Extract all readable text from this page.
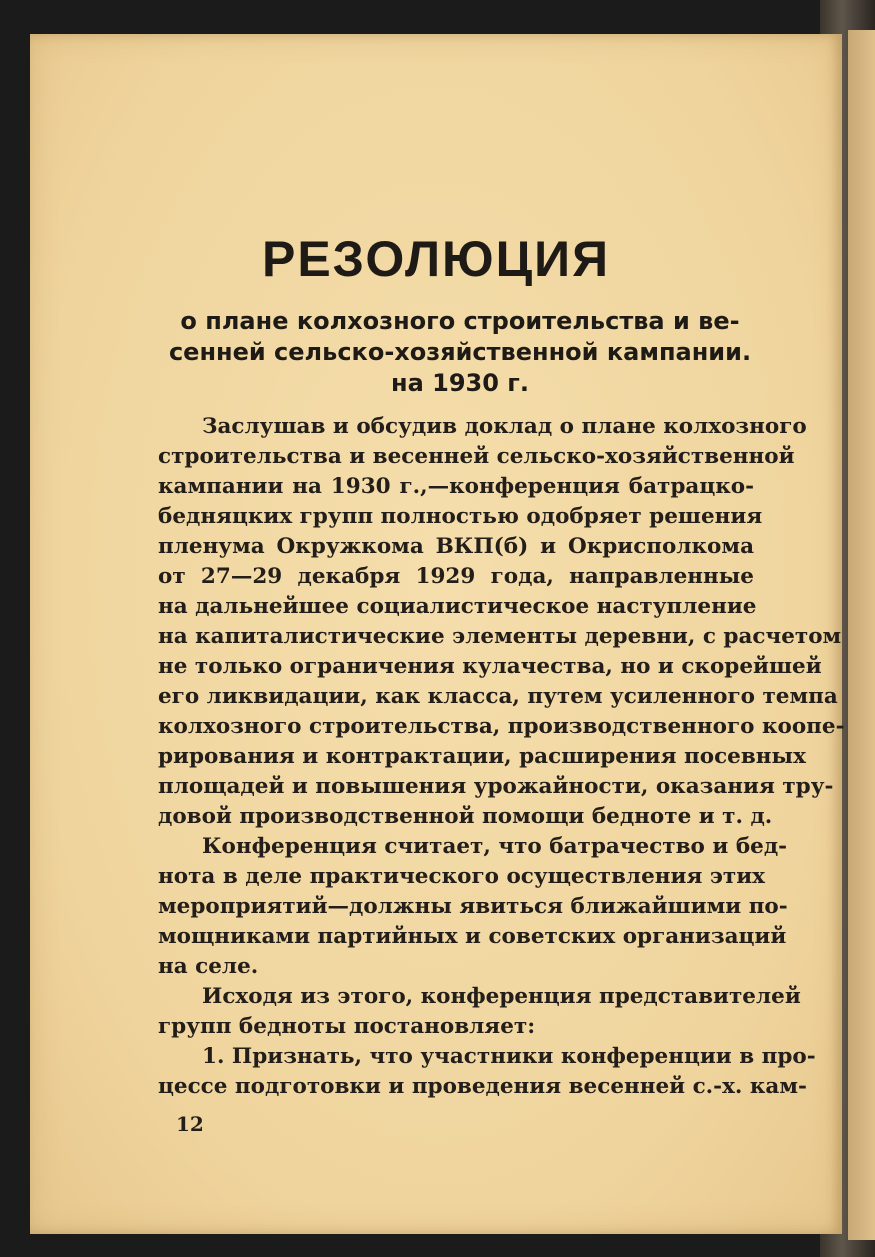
РЕЗОЛЮЦИЯ
о плане колхозного строительства и ве-
сенней сельско-хозяйственной кампании.
на 1930 г.
Заслушав и обсудив доклад о плане колхозного
строительства и весенней сельско-хозяйственной
кампании на 1930 г.,—конференция батрацко-
бедняцких групп полностью одобряет решения
пленума Окружкома ВКП(б) и Окрисполкома
от 27—29 декабря 1929 года, направленные
на дальнейшее социалистическое наступление
на капиталистические элементы деревни, с расчетом
не только ограничения кулачества, но и скорейшей
его ликвидации, как класса, путем усиленного темпа
колхозного строительства, производственного коопе-
рирования и контрактации, расширения посевных
площадей и повышения урожайности, оказания тру-
довой производственной помощи бедноте и т. д.
Конференция считает, что батрачество и бед-
нота в деле практического осуществления этих
мероприятий—должны явиться ближайшими по-
мощниками партийных и советских организаций
на селе.
Исходя из этого, конференция представителей
групп бедноты постановляет:
1. Признать, что участники конференции в про-
цессе подготовки и проведения весенней с.-х. кам-
12
